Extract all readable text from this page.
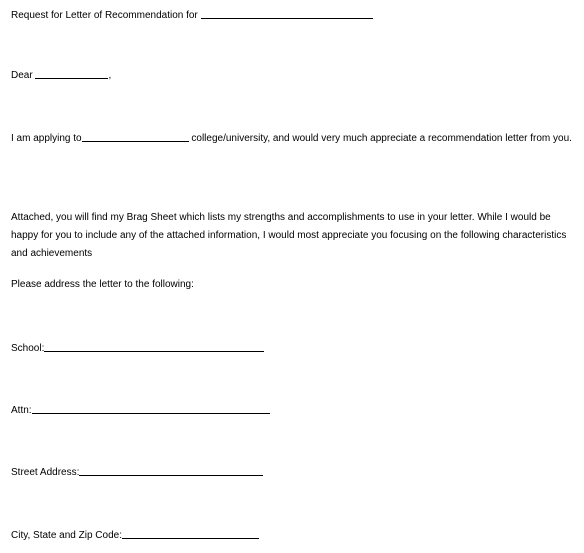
Request for Letter of Recommendation for
Dear	,
I am applying to	college/university, and would very much appreciate a recommendation letter from you.
Attached, you will find my Brag Sheet which lists my strengths and accomplishments to use in your letter. While I would be happy for you to include any of the attached information, I would most appreciate you focusing on the following characteristics and achievements
Please address the letter to the following:
School:
Attn:
Street Address:
City, State and Zip Code:
